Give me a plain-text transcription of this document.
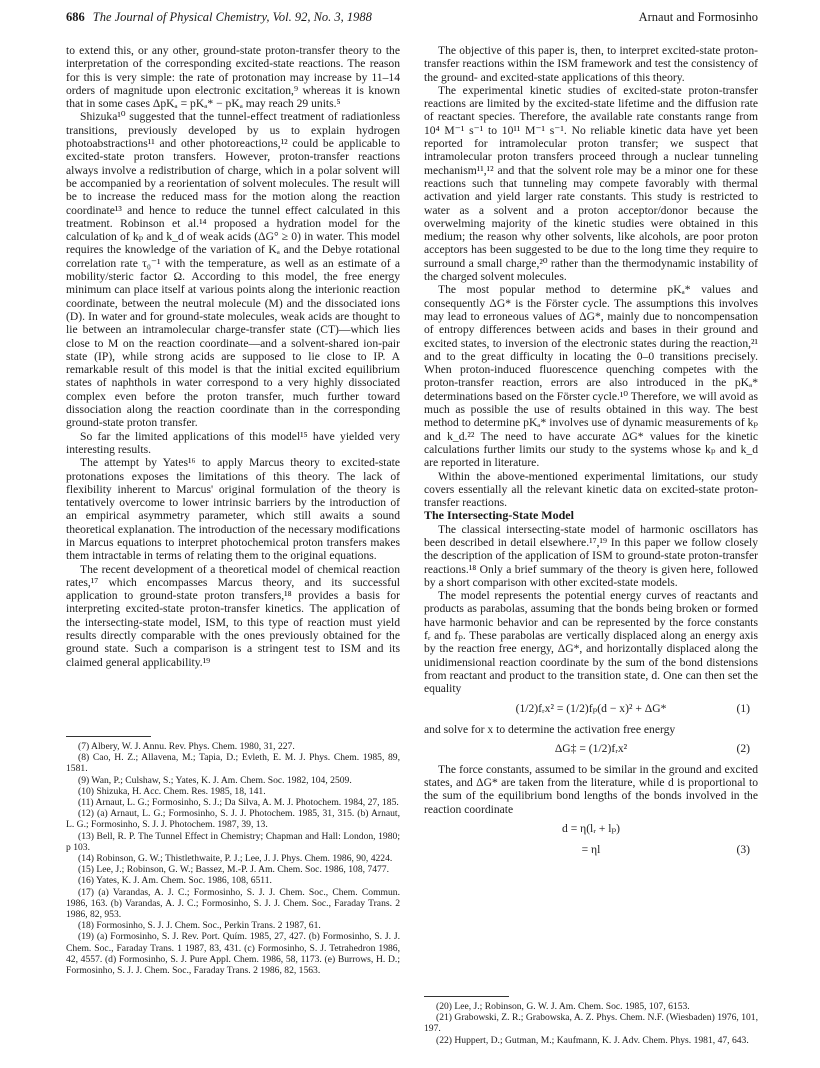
686 The Journal of Physical Chemistry, Vol. 92, No. 3, 1988	Arnaut and Formosinho

to extend this, or any other, ground-state proton-transfer theory to the interpretation of the corresponding excited-state reactions. The reason for this is very simple: the rate of protonation may increase by 11–14 orders of magnitude upon electronic excitation,⁹ whereas it is known that in some cases ΔpKₐ = pKₐ* − pKₐ may reach 29 units.⁵

Shizuka¹⁰ suggested that the tunnel-effect treatment of radiationless transitions, previously developed by us to explain hydrogen photoabstractions¹¹ and other photoreactions,¹² could be applicable to excited-state proton transfers. However, proton-transfer reactions always involve a redistribution of charge, which in a polar solvent will be accompanied by a reorientation of solvent molecules. The result will be to increase the reduced mass for the motion along the reaction coordinate¹³ and hence to reduce the tunnel effect calculated in this treatment. Robinson et al.¹⁴ proposed a hydration model for the calculation of kₚ and k_d of weak acids (ΔG° ≥ 0) in water. This model requires the knowledge of the variation of Kₐ and the Debye rotational correlation rate τ₀⁻¹ with the temperature, as well as an estimate of a mobility/steric factor Ω. According to this model, the free energy minimum can place itself at various points along the interionic reaction coordinate, between the neutral molecule (M) and the dissociated ions (D). In water and for ground-state molecules, weak acids are thought to lie between an intramolecular charge-transfer state (CT)—which lies close to M on the reaction coordinate—and a solvent-shared ion-pair state (IP), while strong acids are supposed to lie close to IP. A remarkable result of this model is that the initial excited equilibrium states of naphthols in water correspond to a very highly dissociated complex even before the proton transfer, much further toward dissociation along the reaction coordinate than in the corresponding ground-state proton transfer.

So far the limited applications of this model¹⁵ have yielded very interesting results.

The attempt by Yates¹⁶ to apply Marcus theory to excited-state protonations exposes the limitations of this theory. The lack of flexibility inherent to Marcus' original formulation of the theory is tentatively overcome to lower intrinsic barriers by the introduction of an empirical asymmetry parameter, which still awaits a sound theoretical explanation. The introduction of the necessary modifications in Marcus equations to interpret photochemical proton transfers makes them intractable in terms of relating them to the original equations.

The recent development of a theoretical model of chemical reaction rates,¹⁷ which encompasses Marcus theory, and its successful application to ground-state proton transfers,¹⁸ provides a basis for interpreting excited-state proton-transfer kinetics. The application of the intersecting-state model, ISM, to this type of reaction must yield results directly comparable with the ones previously obtained for the ground state. Such a comparison is a stringent test to ISM and its claimed general applicability.¹⁹

(7) Albery, W. J. Annu. Rev. Phys. Chem. 1980, 31, 227.
(8) Cao, H. Z.; Allavena, M.; Tapia, D.; Evleth, E. M. J. Phys. Chem. 1985, 89, 1581.
(9) Wan, P.; Culshaw, S.; Yates, K. J. Am. Chem. Soc. 1982, 104, 2509.
(10) Shizuka, H. Acc. Chem. Res. 1985, 18, 141.
(11) Arnaut, L. G.; Formosinho, S. J.; Da Silva, A. M. J. Photochem. 1984, 27, 185.
(12) (a) Arnaut, L. G.; Formosinho, S. J. J. Photochem. 1985, 31, 315. (b) Arnaut, L. G.; Formosinho, S. J. J. Photochem. 1987, 39, 13.
(13) Bell, R. P. The Tunnel Effect in Chemistry; Chapman and Hall: London, 1980; p 103.
(14) Robinson, G. W.; Thistlethwaite, P. J.; Lee, J. J. Phys. Chem. 1986, 90, 4224.
(15) Lee, J.; Robinson, G. W.; Bassez, M.-P. J. Am. Chem. Soc. 1986, 108, 7477.
(16) Yates, K. J. Am. Chem. Soc. 1986, 108, 6511.
(17) (a) Varandas, A. J. C.; Formosinho, S. J. J. Chem. Soc., Chem. Commun. 1986, 163. (b) Varandas, A. J. C.; Formosinho, S. J. J. Chem. Soc., Faraday Trans. 2 1986, 82, 953.
(18) Formosinho, S. J. J. Chem. Soc., Perkin Trans. 2 1987, 61.
(19) (a) Formosinho, S. J. Rev. Port. Quím. 1985, 27, 427. (b) Formosinho, S. J. J. Chem. Soc., Faraday Trans. 1 1987, 83, 431. (c) Formosinho, S. J. Tetrahedron 1986, 42, 4557. (d) Formosinho, S. J. Pure Appl. Chem. 1986, 58, 1173. (e) Burrows, H. D.; Formosinho, S. J. J. Chem. Soc., Faraday Trans. 2 1986, 82, 1563.

The objective of this paper is, then, to interpret excited-state proton-transfer reactions within the ISM framework and test the consistency of the ground- and excited-state applications of this theory.

The experimental kinetic studies of excited-state proton-transfer reactions are limited by the excited-state lifetime and the diffusion rate of reactant species. Therefore, the available rate constants range from 10⁴ M⁻¹ s⁻¹ to 10¹¹ M⁻¹ s⁻¹. No reliable kinetic data have yet been reported for intramolecular proton transfer; we suspect that intramolecular proton transfers proceed through a nuclear tunneling mechanism¹¹,¹² and that the solvent role may be a minor one for these reactions such that tunneling may compete favorably with thermal activation and yield larger rate constants. This study is restricted to water as a solvent and a proton acceptor/donor because the overwelming majority of the kinetic studies were obtained in this medium; the reason why other solvents, like alcohols, are poor proton acceptors has been suggested to be due to the long time they require to surround a small charge,²⁰ rather than the thermodynamic instability of the charged solvent molecules.

The most popular method to determine pKₐ* values and consequently ΔG* is the Förster cycle. The assumptions this involves may lead to erroneous values of ΔG*, mainly due to noncompensation of entropy differences between acids and bases in their ground and excited states, to inversion of the electronic states during the reaction,²¹ and to the great difficulty in locating the 0–0 transitions precisely. When proton-induced fluorescence quenching competes with the proton-transfer reaction, errors are also introduced in the pKₐ* determinations based on the Förster cycle.¹⁰ Therefore, we will avoid as much as possible the use of results obtained in this way. The best method to determine pKₐ* involves use of dynamic measurements of kₚ and k_d.²² The need to have accurate ΔG* values for the kinetic calculations further limits our study to the systems whose kₚ and k_d are reported in literature.

Within the above-mentioned experimental limitations, our study covers essentially all the relevant kinetic data on excited-state proton-transfer reactions.

The Intersecting-State Model

The classical intersecting-state model of harmonic oscillators has been described in detail elsewhere.¹⁷,¹⁹ In this paper we follow closely the description of the application of ISM to ground-state proton-transfer reactions.¹⁸ Only a brief summary of the theory is given here, followed by a short comparison with other excited-state models.

The model represents the potential energy curves of reactants and products as parabolas, assuming that the bonds being broken or formed have harmonic behavior and can be represented by the force constants fᵣ and fₚ. These parabolas are vertically displaced along an energy axis by the reaction free energy, ΔG*, and horizontally displaced along the unidimensional reaction coordinate by the sum of the bond distensions from reactant and product to the transition state, d. One can then set the equality

(1/2)fᵣx² = (1/2)fₚ(d − x)² + ΔG*	(1)

and solve for x to determine the activation free energy

ΔG‡ = (1/2)fᵣx²	(2)

The force constants, assumed to be similar in the ground and excited states, and ΔG* are taken from the literature, while d is proportional to the sum of the equilibrium bond lengths of the bonds involved in the reaction coordinate

d = η(lᵣ + lₚ)
= ηl	(3)
(20) Lee, J.; Robinson, G. W. J. Am. Chem. Soc. 1985, 107, 6153.
(21) Grabowski, Z. R.; Grabowska, A. Z. Phys. Chem. N.F. (Wiesbaden) 1976, 101, 197.
(22) Huppert, D.; Gutman, M.; Kaufmann, K. J. Adv. Chem. Phys. 1981, 47, 643.
